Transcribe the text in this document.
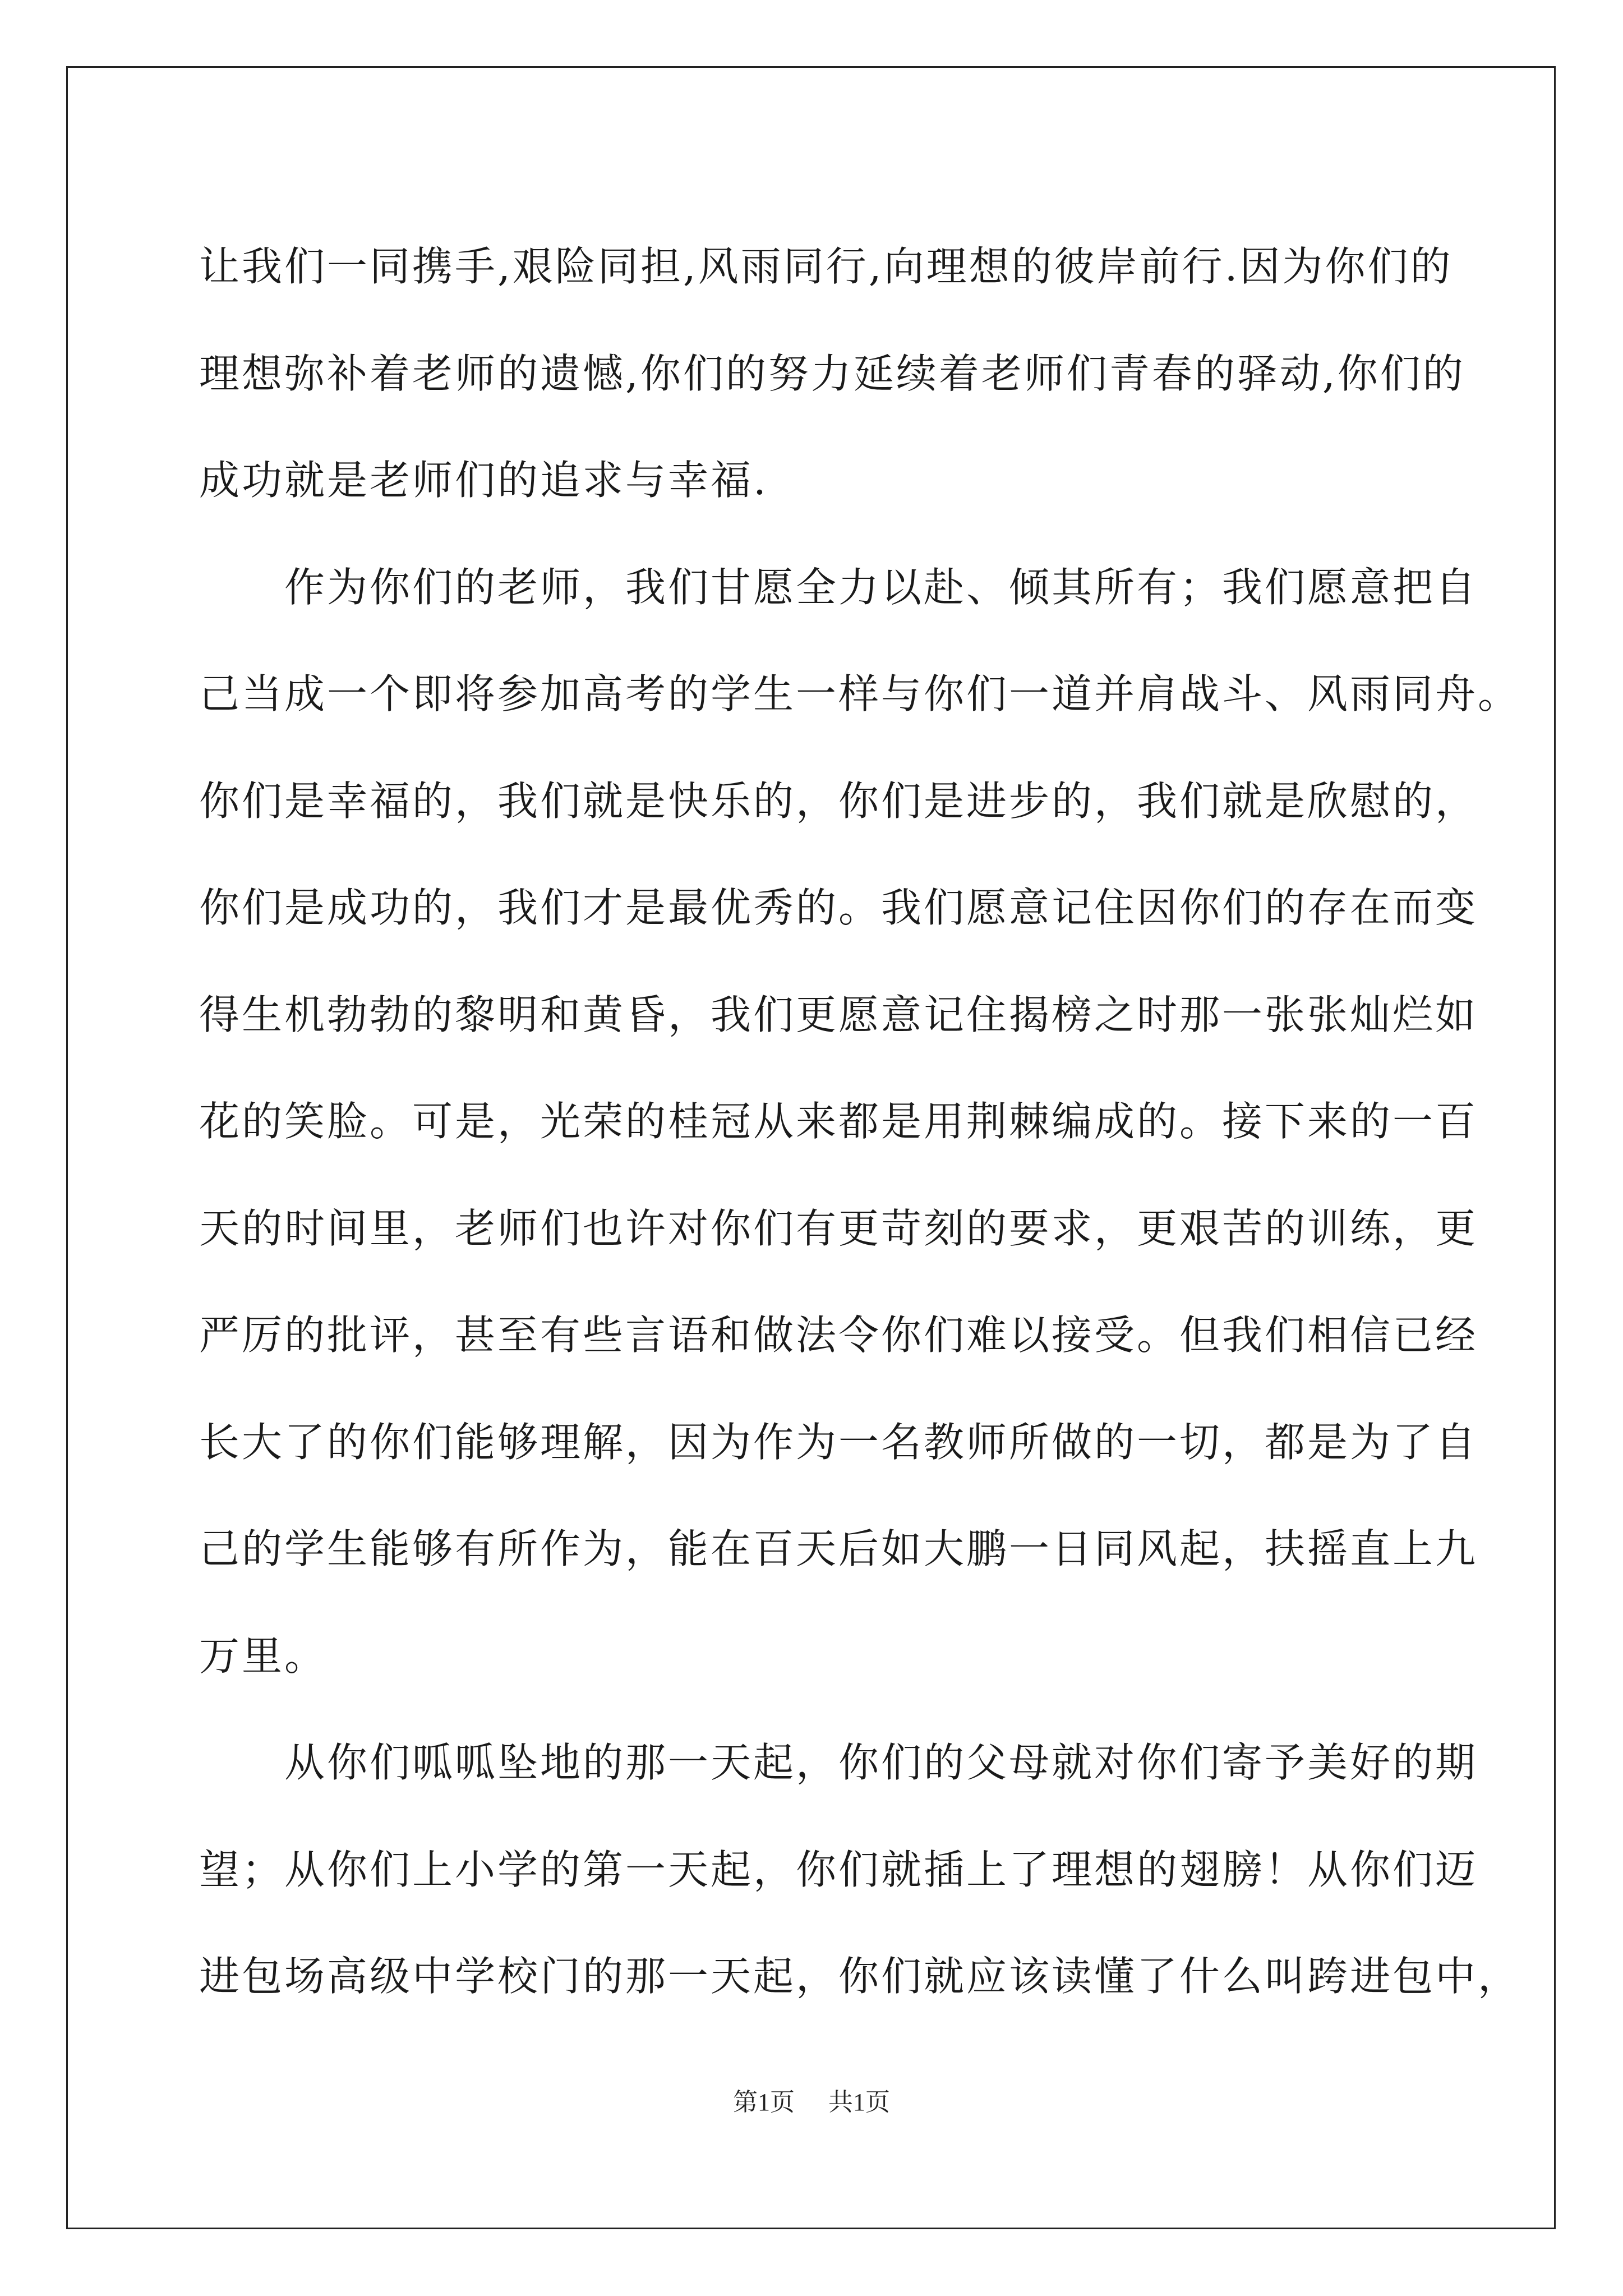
让我们一同携手,艰险同担,风雨同行,向理想的彼岸前行.因为你们的
理想弥补着老师的遗憾,你们的努力延续着老师们青春的驿动,你们的
成功就是老师们的追求与幸福.
　　作为你们的老师，我们甘愿全力以赴、倾其所有；我们愿意把自
己当成一个即将参加高考的学生一样与你们一道并肩战斗、风雨同舟。
你们是幸福的，我们就是快乐的，你们是进步的，我们就是欣慰的，
你们是成功的，我们才是最优秀的。我们愿意记住因你们的存在而变
得生机勃勃的黎明和黄昏，我们更愿意记住揭榜之时那一张张灿烂如
花的笑脸。可是，光荣的桂冠从来都是用荆棘编成的。接下来的一百
天的时间里，老师们也许对你们有更苛刻的要求，更艰苦的训练，更
严厉的批评，甚至有些言语和做法令你们难以接受。但我们相信已经
长大了的你们能够理解，因为作为一名教师所做的一切，都是为了自
己的学生能够有所作为，能在百天后如大鹏一日同风起，扶摇直上九
万里。
　　从你们呱呱坠地的那一天起，你们的父母就对你们寄予美好的期
望；从你们上小学的第一天起，你们就插上了理想的翅膀！从你们迈
进包场高级中学校门的那一天起，你们就应该读懂了什么叫跨进包中，
第1页 共1页
